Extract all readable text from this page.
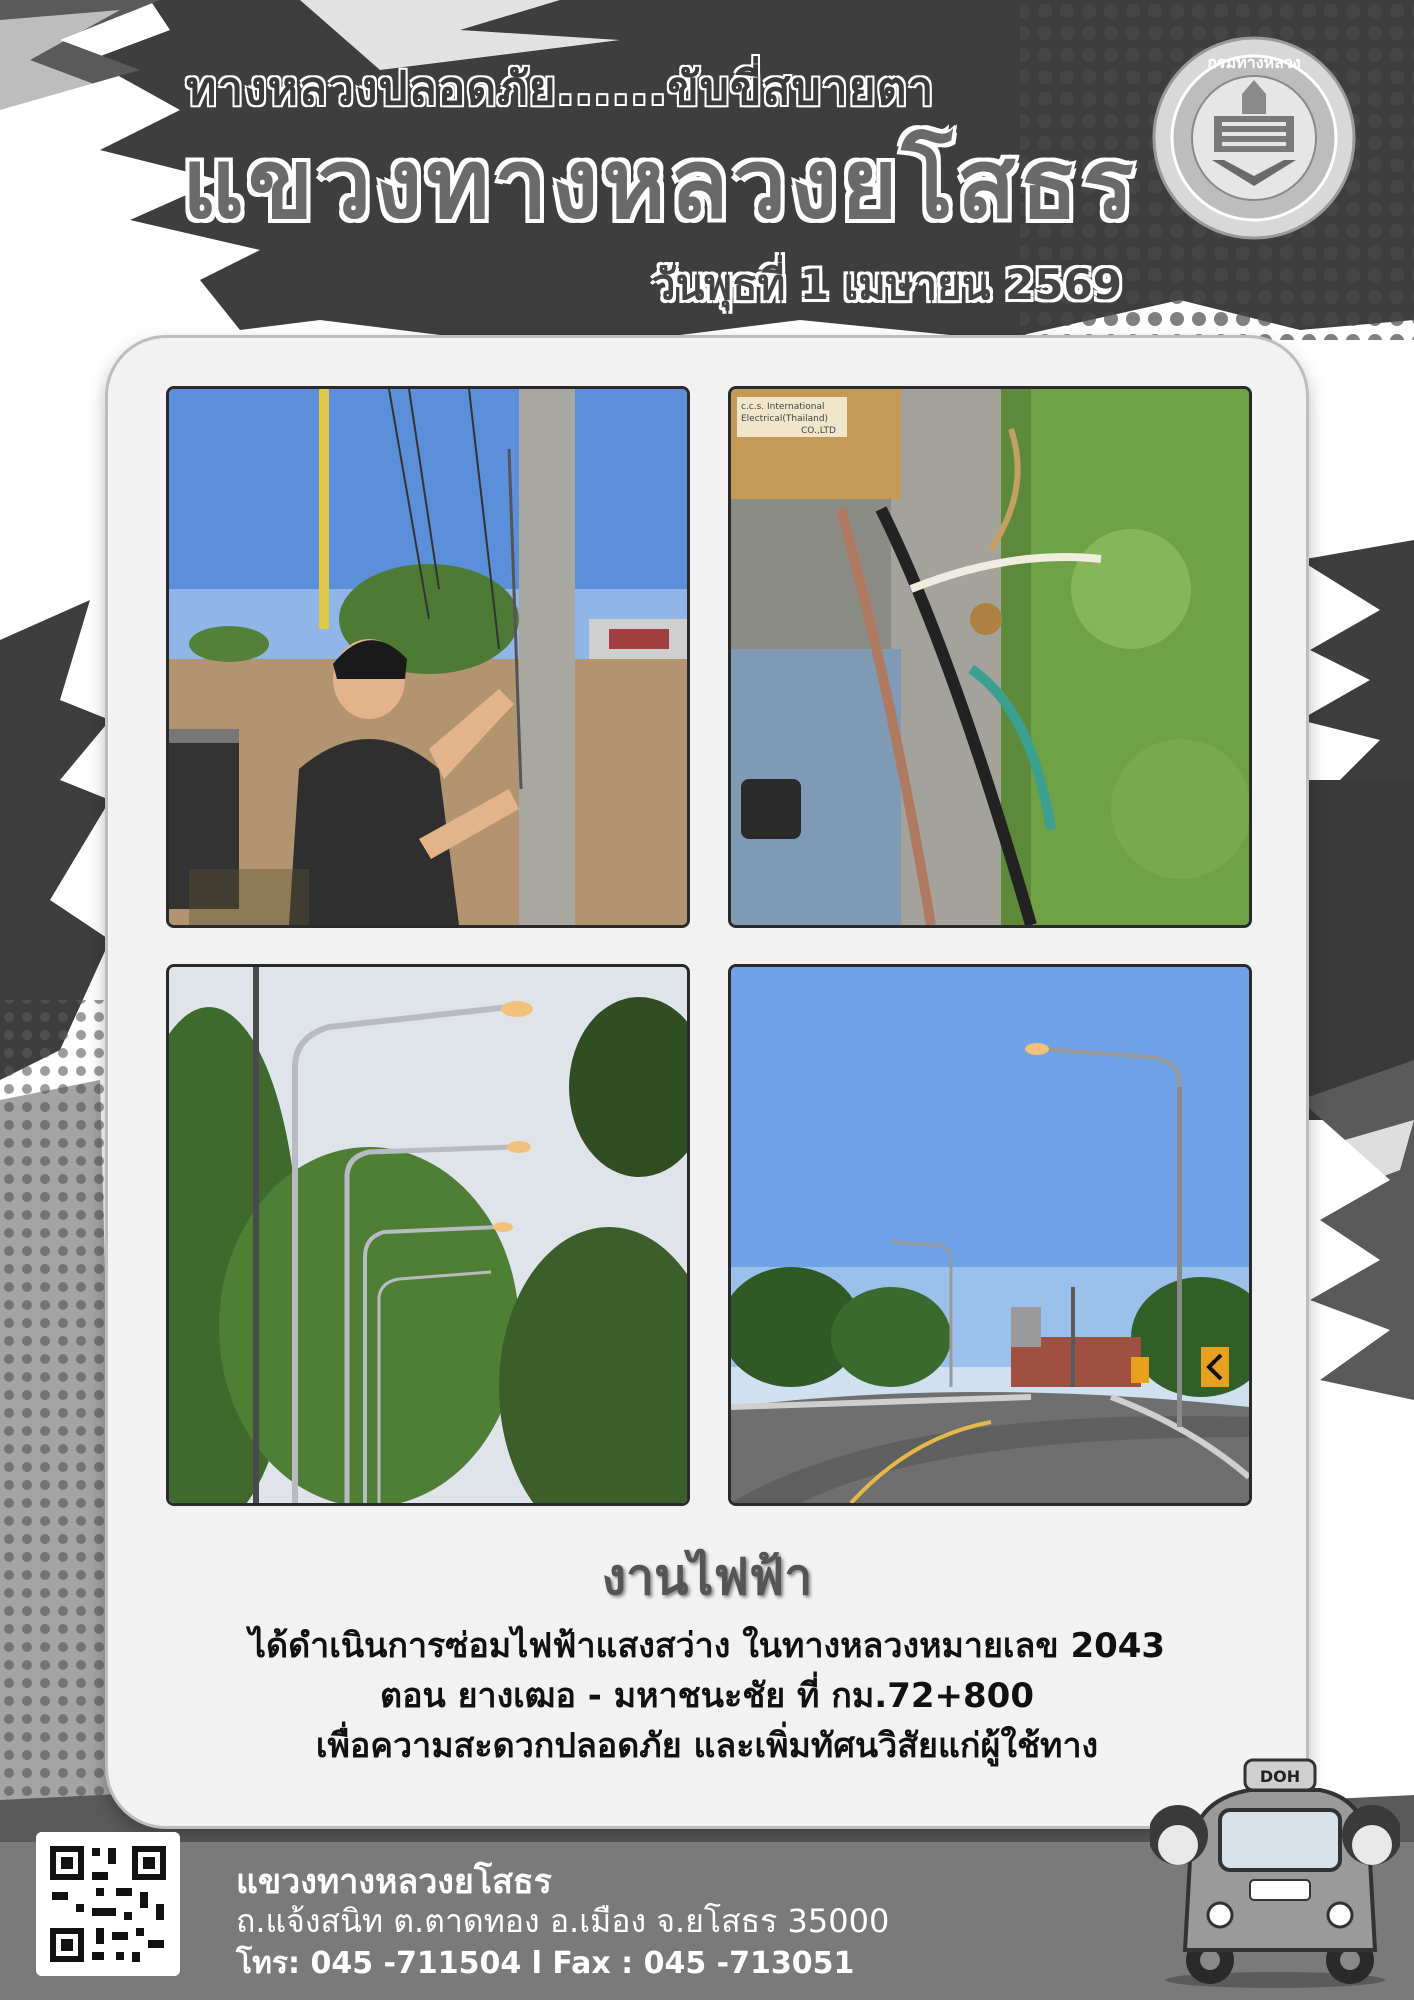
ทางหลวงปลอดภัย......ขับขี่สบายตา
แขวงทางหลวงยโสธร
วันพุธที่ 1 เมษายน 2569
กรมทางหลวง
c.c.s. International
Electrical(Thailand)
CO.,LTD
งานไฟฟ้า
ได้ดำเนินการซ่อมไฟฟ้าแสงสว่าง ในทางหลวงหมายเลข 2043
ตอน ยางเฒอ - มหาชนะชัย ที่ กม.72+800
เพื่อความสะดวกปลอดภัย และเพิ่มทัศนวิสัยแก่ผู้ใช้ทาง
แขวงทางหลวงยโสธร
ถ.แจ้งสนิท ต.ตาดทอง อ.เมือง จ.ยโสธร 35000
โทร: 045 -711504 l Fax : 045 -713051
DOH
